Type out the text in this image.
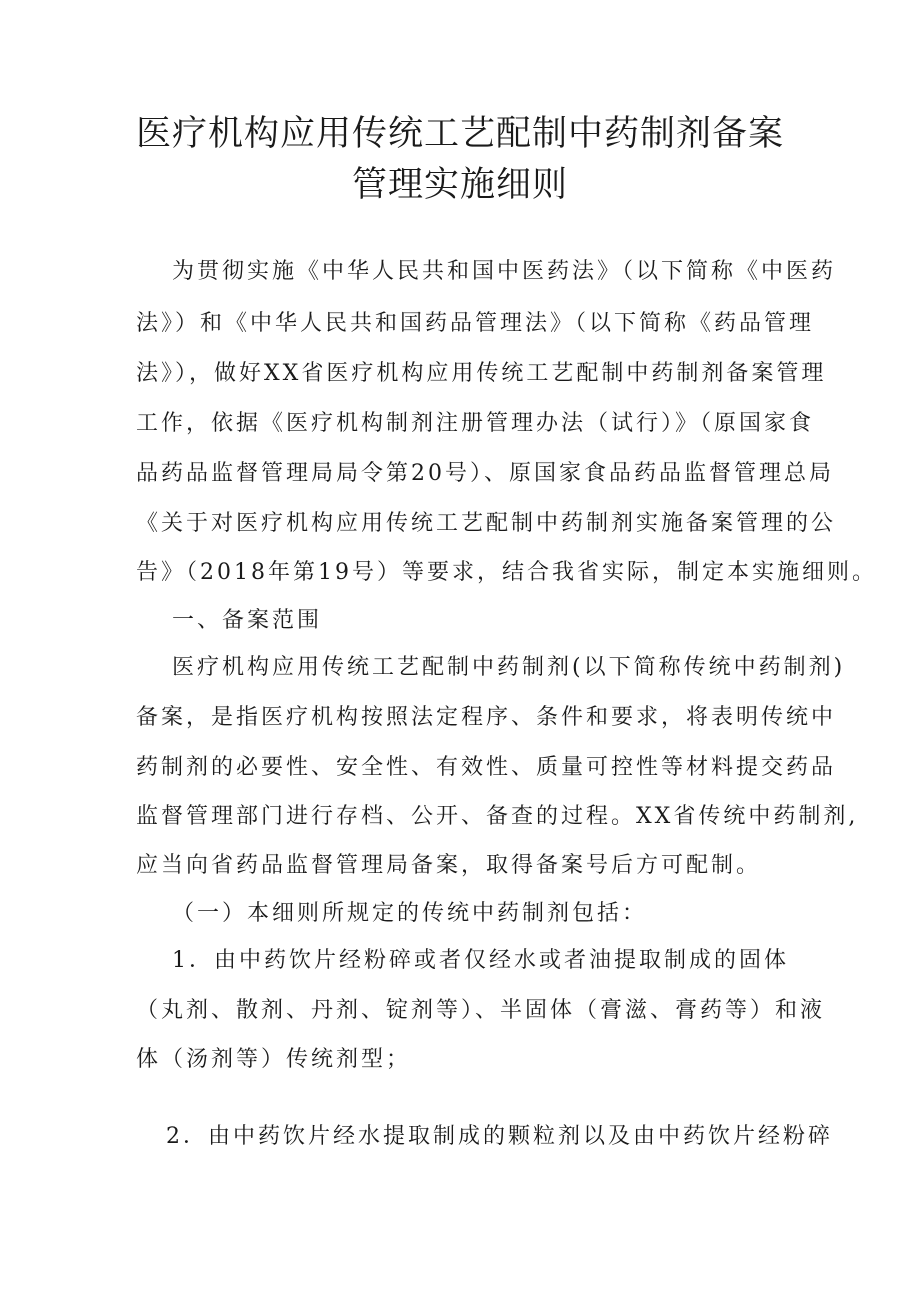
医疗机构应用传统工艺配制中药制剂备案
管理实施细则
为贯彻实施《中华人民共和国中医药法》（以下简称《中医药
法》）和《中华人民共和国药品管理法》（以下简称《药品管理
法》），做好XX省医疗机构应用传统工艺配制中药制剂备案管理
工作，依据《医疗机构制剂注册管理办法（试行）》（原国家食
品药品监督管理局局令第20号）、原国家食品药品监督管理总局
《关于对医疗机构应用传统工艺配制中药制剂实施备案管理的公
告》（2018年第19号）等要求，结合我省实际，制定本实施细则。
一、备案范围
医疗机构应用传统工艺配制中药制剂(以下简称传统中药制剂)
备案，是指医疗机构按照法定程序、条件和要求，将表明传统中
药制剂的必要性、安全性、有效性、质量可控性等材料提交药品
监督管理部门进行存档、公开、备查的过程。XX省传统中药制剂,
应当向省药品监督管理局备案，取得备案号后方可配制。
（一）本细则所规定的传统中药制剂包括：
1．由中药饮片经粉碎或者仅经水或者油提取制成的固体
（丸剂、散剂、丹剂、锭剂等）、半固体（膏滋、膏药等）和液
体（汤剂等）传统剂型；
2．由中药饮片经水提取制成的颗粒剂以及由中药饮片经粉碎
